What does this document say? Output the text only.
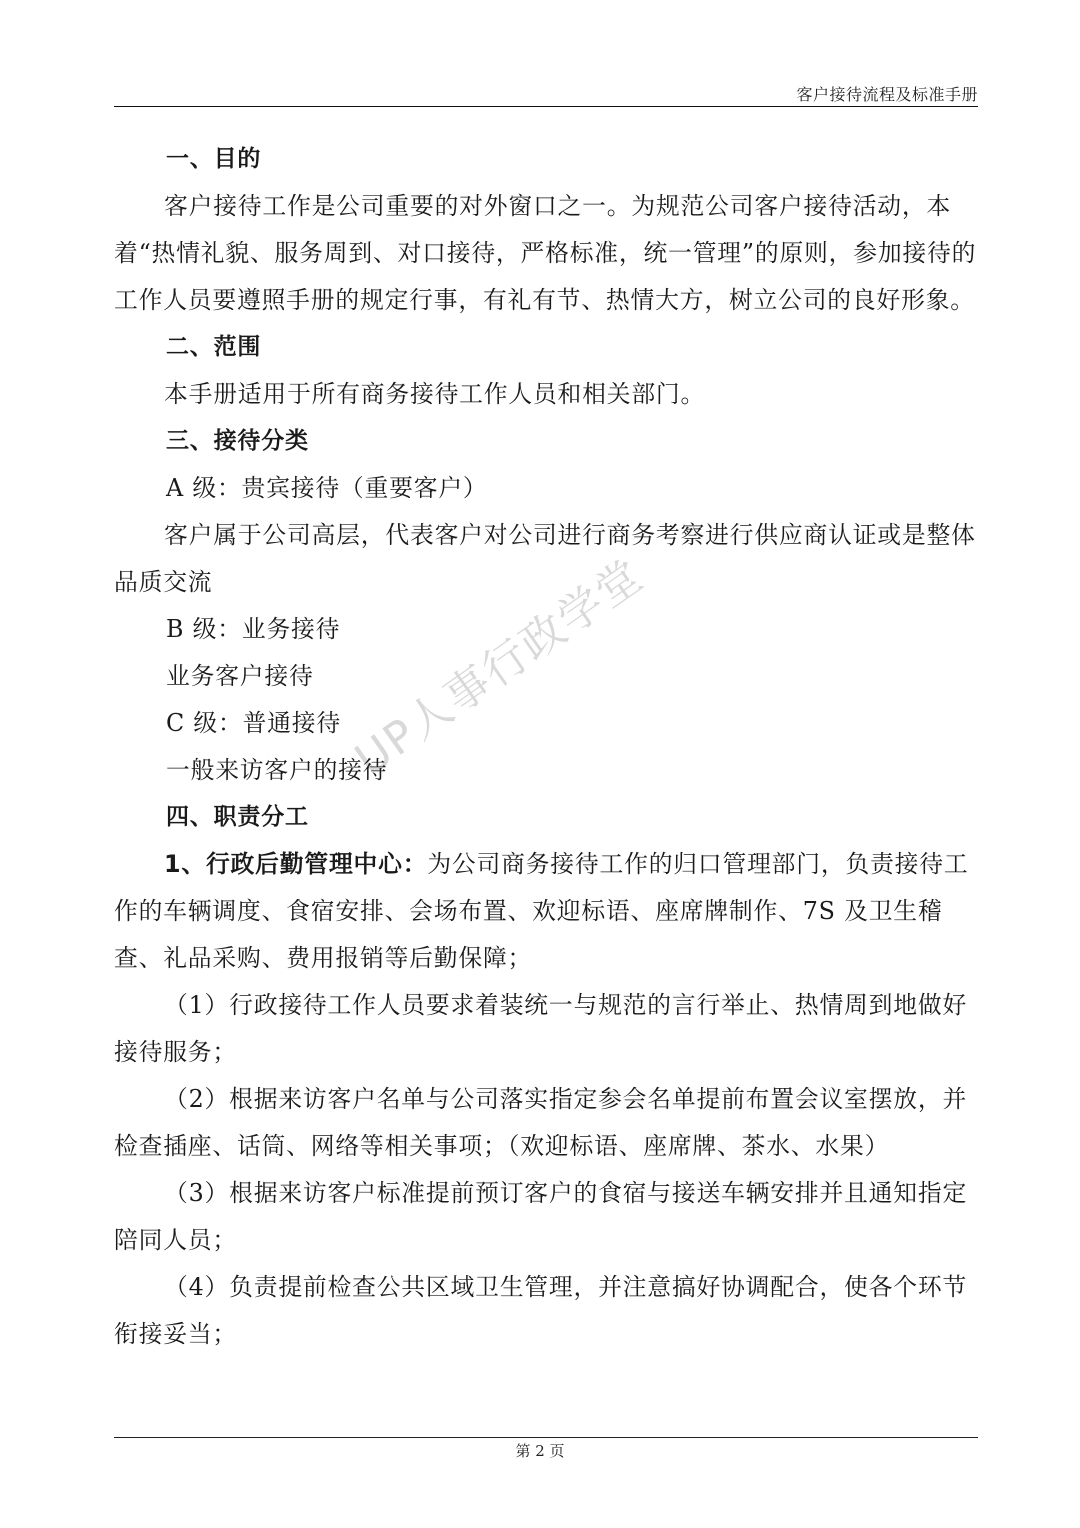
客户接待流程及标准手册
UP人事行政学堂

一、目的

客户接待工作是公司重要的对外窗口之一。为规范公司客户接待活动，本着“热情礼貌、服务周到、对口接待，严格标准，统一管理”的原则，参加接待的工作人员要遵照手册的规定行事，有礼有节、热情大方，树立公司的良好形象。

二、范围

本手册适用于所有商务接待工作人员和相关部门。

三、接待分类

A 级：贵宾接待（重要客户）

客户属于公司高层，代表客户对公司进行商务考察进行供应商认证或是整体品质交流

B 级：业务接待

业务客户接待

C 级：普通接待

一般来访客户的接待

四、职责分工

1、行政后勤管理中心：为公司商务接待工作的归口管理部门，负责接待工作的车辆调度、食宿安排、会场布置、欢迎标语、座席牌制作、7S 及卫生稽查、礼品采购、费用报销等后勤保障；

（1）行政接待工作人员要求着装统一与规范的言行举止、热情周到地做好接待服务；

（2）根据来访客户名单与公司落实指定参会名单提前布置会议室摆放，并检查插座、话筒、网络等相关事项；（欢迎标语、座席牌、茶水、水果）

（3）根据来访客户标准提前预订客户的食宿与接送车辆安排并且通知指定陪同人员；

（4）负责提前检查公共区域卫生管理，并注意搞好协调配合，使各个环节衔接妥当；

第 2 页
